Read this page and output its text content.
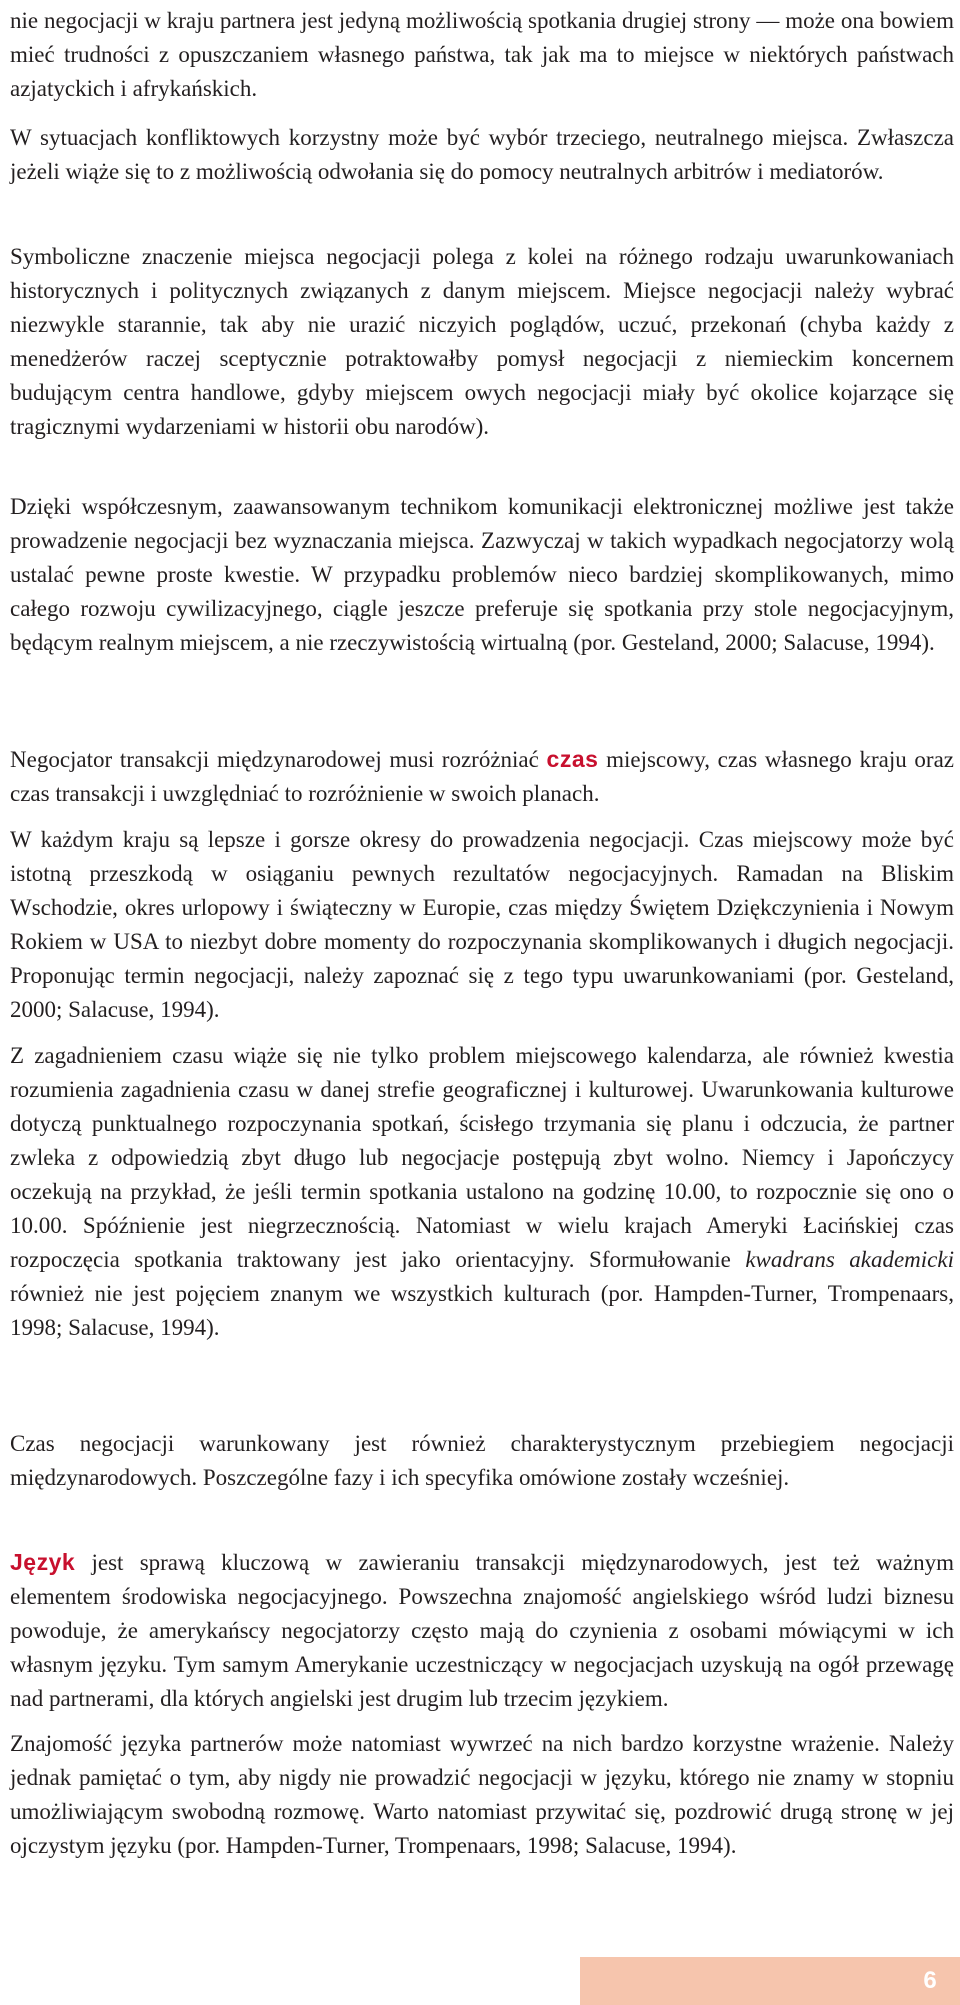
nie negocjacji w kraju partnera jest jedyną możliwością spotkania drugiej strony — może ona bowiem mieć trudności z opuszczaniem własnego państwa, tak jak ma to miejsce w niektórych państwach azjatyckich i afrykańskich.

W sytuacjach konfliktowych korzystny może być wybór trzeciego, neutralnego miejsca. Zwłaszcza jeżeli wiąże się to z możliwością odwołania się do pomocy neutralnych arbitrów i mediatorów.

Symboliczne znaczenie miejsca negocjacji polega z kolei na różnego rodzaju uwarunkowaniach historycznych i politycznych związanych z danym miejscem. Miejsce negocjacji należy wybrać niezwykle starannie, tak aby nie urazić niczyich poglądów, uczuć, przekonań (chyba każdy z menedżerów raczej sceptycznie potraktowałby pomysł negocjacji z niemieckim koncernem budującym centra handlowe, gdyby miejscem owych negocjacji miały być okolice kojarzące się tragicznymi wydarzeniami w historii obu narodów).

Dzięki współczesnym, zaawansowanym technikom komunikacji elektronicznej możliwe jest także prowadzenie negocjacji bez wyznaczania miejsca. Zazwyczaj w takich wypadkach negocjatorzy wolą ustalać pewne proste kwestie. W przypadku problemów nieco bardziej skomplikowanych, mimo całego rozwoju cywilizacyjnego, ciągle jeszcze preferuje się spotkania przy stole negocjacyjnym, będącym realnym miejscem, a nie rzeczywistością wirtualną (por. Gesteland, 2000; Salacuse, 1994).

Negocjator transakcji międzynarodowej musi rozróżniać czas miejscowy, czas własnego kraju oraz czas transakcji i uwzględniać to rozróżnienie w swoich planach.

W każdym kraju są lepsze i gorsze okresy do prowadzenia negocjacji. Czas miejscowy może być istotną przeszkodą w osiąganiu pewnych rezultatów negocjacyjnych. Ramadan na Bliskim Wschodzie, okres urlopowy i świąteczny w Europie, czas między Świętem Dziękczynienia i Nowym Rokiem w USA to niezbyt dobre momenty do rozpoczynania skomplikowanych i długich negocjacji. Proponując termin negocjacji, należy zapoznać się z tego typu uwarunkowaniami (por. Gesteland, 2000; Salacuse, 1994).

Z zagadnieniem czasu wiąże się nie tylko problem miejscowego kalendarza, ale również kwestia rozumienia zagadnienia czasu w danej strefie geograficznej i kulturowej. Uwarunkowania kulturowe dotyczą punktualnego rozpoczynania spotkań, ścisłego trzymania się planu i odczucia, że partner zwleka z odpowiedzią zbyt długo lub negocjacje postępują zbyt wolno. Niemcy i Japończycy oczekują na przykład, że jeśli termin spotkania ustalono na godzinę 10.00, to rozpocznie się ono o 10.00. Spóźnienie jest niegrzecznością. Natomiast w wielu krajach Ameryki Łacińskiej czas rozpoczęcia spotkania traktowany jest jako orientacyjny. Sformułowanie kwadrans akademicki również nie jest pojęciem znanym we wszystkich kulturach (por. Hampden-Turner, Trompenaars, 1998; Salacuse, 1994).

Czas negocjacji warunkowany jest również charakterystycznym przebiegiem negocjacji międzynarodowych. Poszczególne fazy i ich specyfika omówione zostały wcześniej.

Język jest sprawą kluczową w zawieraniu transakcji międzynarodowych, jest też ważnym elementem środowiska negocjacyjnego. Powszechna znajomość angielskiego wśród ludzi biznesu powoduje, że amerykańscy negocjatorzy często mają do czynienia z osobami mówiącymi w ich własnym języku. Tym samym Amerykanie uczestniczący w negocjacjach uzyskują na ogół przewagę nad partnerami, dla których angielski jest drugim lub trzecim językiem.

Znajomość języka partnerów może natomiast wywrzeć na nich bardzo korzystne wrażenie. Należy jednak pamiętać o tym, aby nigdy nie prowadzić negocjacji w języku, którego nie znamy w stopniu umożliwiającym swobodną rozmowę. Warto natomiast przywitać się, pozdrowić drugą stronę w jej ojczystym języku (por. Hampden-Turner, Trompenaars, 1998; Salacuse, 1994).

6
